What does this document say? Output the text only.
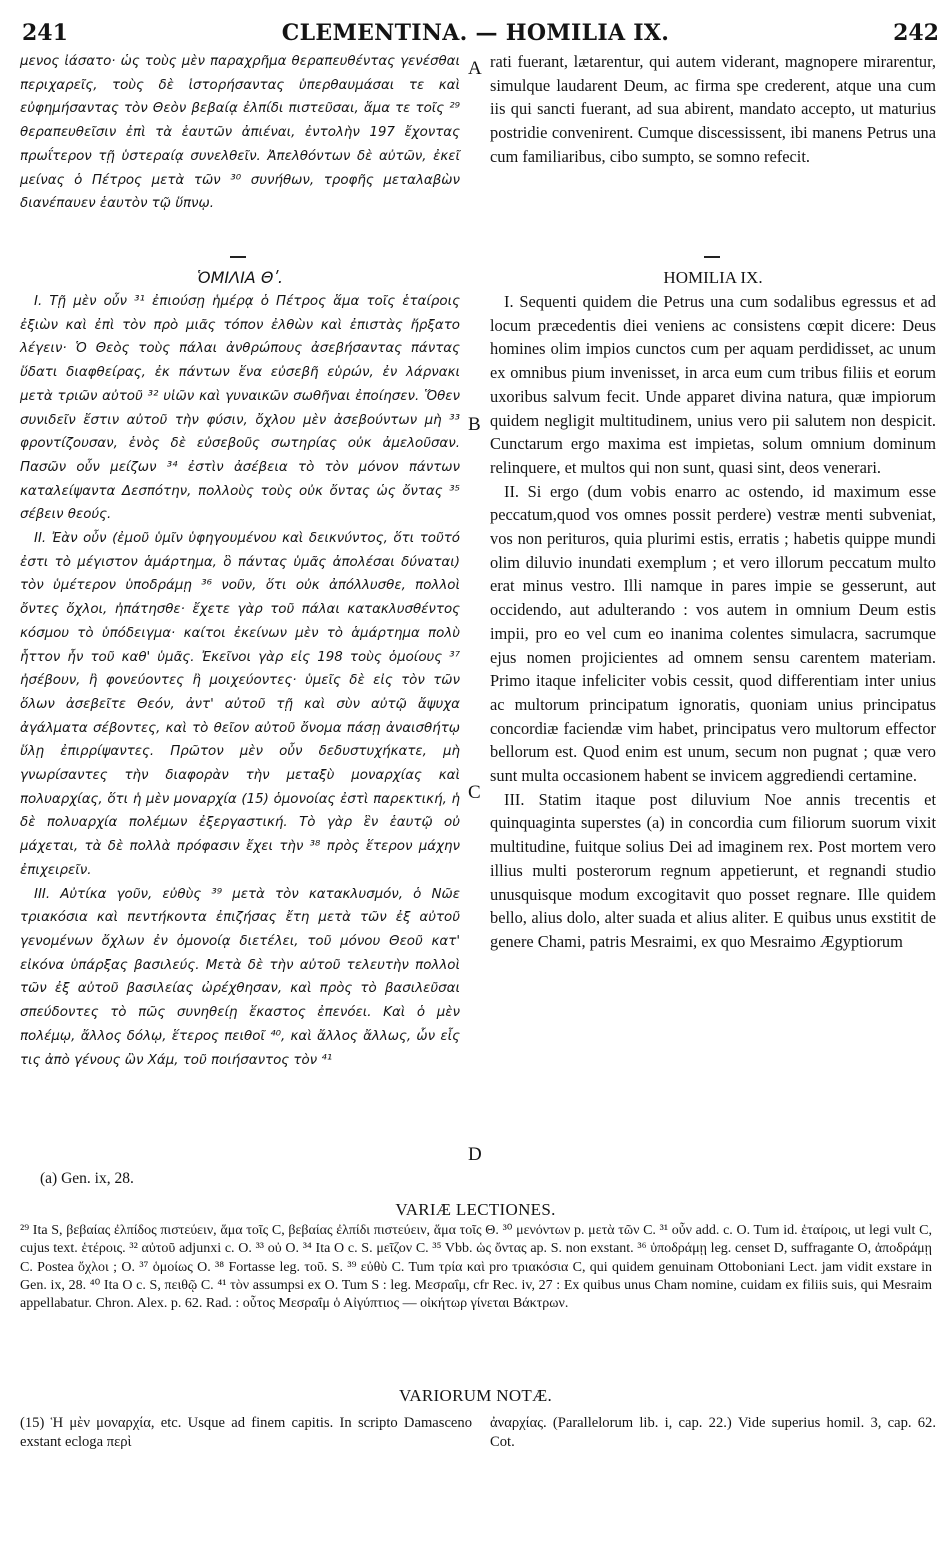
241	CLEMENTINA. — HOMILIA IX.	242

μενος ἰάσατο· ὡς τοὺς μὲν παραχρῆμα θεραπευθέντας γενέσθαι περιχαρεῖς, τοὺς δὲ ἱστορήσαντας ὑπερθαυμάσαι τε καὶ εὐφημήσαντας τὸν Θεὸν βεβαίᾳ ἐλπίδι πιστεῦσαι, ἅμα τε τοῖς ²⁹ θεραπευθεῖσιν ἐπὶ τὰ ἑαυτῶν ἀπιέναι, ἐντολὴν 197 ἔχοντας πρωΐτερον τῇ ὑστεραίᾳ συνελθεῖν. Ἀπελθόντων δὲ αὐτῶν, ἐκεῖ μείνας ὁ Πέτρος μετὰ τῶν ³⁰ συνήθων, τροφῆς μεταλαβὼν διανέπαυεν ἑαυτὸν τῷ ὕπνῳ.

rati fuerant, lætarentur, qui autem viderant, magnopere mirarentur, simulque laudarent Deum, ac firma spe crederent, atque una cum iis qui sancti fuerant, ad sua abirent, mandato accepto, ut maturius postridie convenirent. Cumque discessissent, ibi manens Petrus una cum familiaribus, cibo sumpto, se somno refecit.

ὉΜΙΛΙΑ Θʹ.	HOMILIA IX.

I. Τῇ μὲν οὖν ³¹ ἐπιούσῃ ἡμέρᾳ ὁ Πέτρος ἅμα τοῖς ἑταίροις ἐξιὼν καὶ ἐπὶ τὸν πρὸ μιᾶς τόπον ἐλθὼν καὶ ἐπιστὰς ἤρξατο λέγειν· Ὁ Θεὸς τοὺς πάλαι ἀνθρώπους ἀσεβήσαντας πάντας ὕδατι διαφθείρας, ἐκ πάντων ἕνα εὐσεβῆ εὑρών, ἐν λάρνακι μετὰ τριῶν αὐτοῦ ³² υἱῶν καὶ γυναικῶν σωθῆναι ἐποίησεν. Ὅθεν συνιδεῖν ἔστιν αὐτοῦ τὴν φύσιν, ὄχλου μὲν ἀσεβούντων μὴ ³³ φροντίζουσαν, ἑνὸς δὲ εὐσεβοῦς σωτηρίας οὐκ ἀμελοῦσαν. Πασῶν οὖν μείζων ³⁴ ἐστὶν ἀσέβεια τὸ τὸν μόνον πάντων καταλείψαντα Δεσπότην, πολλοὺς τοὺς οὐκ ὄντας ὡς ὄντας ³⁵ σέβειν θεούς.

II. Ἐὰν οὖν (ἐμοῦ ὑμῖν ὑφηγουμένου καὶ δεικνύντος, ὅτι τοῦτό ἐστι τὸ μέγιστον ἁμάρτημα, ὃ πάντας ὑμᾶς ἀπολέσαι δύναται) τὸν ὑμέτερον ὑποδράμῃ ³⁶ νοῦν, ὅτι οὐκ ἀπόλλυσθε, πολλοὶ ὄντες ὄχλοι, ἠπάτησθε· ἔχετε γὰρ τοῦ πάλαι κατακλυσθέντος κόσμου τὸ ὑπόδειγμα· καίτοι ἐκείνων μὲν τὸ ἁμάρτημα πολὺ ἧττον ἦν τοῦ καθ' ὑμᾶς. Ἐκεῖνοι γὰρ εἰς 198 τοὺς ὁμοίους ³⁷ ἠσέβουν, ἢ φονεύοντες ἢ μοιχεύοντες· ὑμεῖς δὲ εἰς τὸν τῶν ὅλων ἀσεβεῖτε Θεόν, ἀντ' αὐτοῦ τῇ καὶ σὺν αὐτῷ ἄψυχα ἀγάλματα σέβοντες, καὶ τὸ θεῖον αὐτοῦ ὄνομα πάσῃ ἀναισθήτῳ ὕλῃ ἐπιρρίψαντες. Πρῶτον μὲν οὖν δεδυστυχήκατε, μὴ γνωρίσαντες τὴν διαφορὰν τὴν μεταξὺ μοναρχίας καὶ πολυαρχίας, ὅτι ἡ μὲν μοναρχία (15) ὁμονοίας ἐστὶ παρεκτική, ἡ δὲ πολυαρχία πολέμων ἐξεργαστική. Τὸ γὰρ ἓν ἑαυτῷ οὐ μάχεται, τὰ δὲ πολλὰ πρόφασιν ἔχει τὴν ³⁸ πρὸς ἕτερον μάχην ἐπιχειρεῖν.

III. Αὐτίκα γοῦν, εὐθὺς ³⁹ μετὰ τὸν κατακλυσμόν, ὁ Νῶε τριακόσια καὶ πεντήκοντα ἐπιζήσας ἔτη μετὰ τῶν ἐξ αὐτοῦ γενομένων ὄχλων ἐν ὁμονοίᾳ διετέλει, τοῦ μόνου Θεοῦ κατ' εἰκόνα ὑπάρξας βασιλεύς. Μετὰ δὲ τὴν αὐτοῦ τελευτὴν πολλοὶ τῶν ἐξ αὐτοῦ βασιλείας ὠρέχθησαν, καὶ πρὸς τὸ βασιλεῦσαι σπεύδοντες τὸ πῶς συνηθείῃ ἕκαστος ἐπενόει. Καὶ ὁ μὲν πολέμῳ, ἄλλος δόλῳ, ἕτερος πειθοῖ ⁴⁰, καὶ ἄλλος ἄλλως, ὧν εἷς τις ἀπὸ γένους ὢν Χάμ, τοῦ ποιήσαντος τὸν ⁴¹

I. Sequenti quidem die Petrus una cum sodalibus egressus et ad locum præcedentis diei veniens ac consistens cœpit dicere: Deus homines olim impios cunctos cum per aquam perdidisset, ac unum ex omnibus pium invenisset, in arca eum cum tribus filiis et eorum uxoribus salvum fecit. Unde apparet divina natura, quæ impiorum quidem negligit multitudinem, unius vero pii salutem non despicit. Cunctarum ergo maxima est impietas, solum omnium dominum relinquere, et multos qui non sunt, quasi sint, deos venerari.

II. Si ergo (dum vobis enarro ac ostendo, id maximum esse peccatum,quod vos omnes possit perdere) vestræ menti subveniat, vos non perituros, quia plurimi estis, erratis ; habetis quippe mundi olim diluvio inundati exemplum ; et vero illorum peccatum multo erat minus vestro. Illi namque in pares impie se gesserunt, aut occidendo, aut adulterando : vos autem in omnium Deum estis impii, pro eo vel cum eo inanima colentes simulacra, sacrumque ejus nomen projicientes ad omnem sensu carentem materiam. Primo itaque infeliciter vobis cessit, quod differentiam inter unius ac multorum principatum ignoratis, quoniam unius principatus concordiæ faciendæ vim habet, principatus vero multorum effector bellorum est. Quod enim est unum, secum non pugnat ; quæ vero sunt multa occasionem habent se invicem aggrediendi certamine.

III. Statim itaque post diluvium Noe annis trecentis et quinquaginta superstes (a) in concordia cum filiorum suorum vixit multitudine, fuitque solius Dei ad imaginem rex. Post mortem vero illius multi posterorum regnum appetierunt, et regnandi studio unusquisque modum excogitavit quo posset regnare. Ille quidem bello, alius dolo, alter suada et alius aliter. E quibus unus exstitit de genere Chami, patris Mesraimi, ex quo Mesraimo Ægyptiorum

A
B
C
D
(a) Gen. ix, 28.
VARIÆ LECTIONES.
²⁹ Ita S, βεβαίας ἐλπίδος πιστεύειν, ἅμα τοῖς C, βεβαίας ἐλπίδι πιστεύειν, ἅμα τοῖς Θ. ³⁰ μενόντων p. μετὰ τῶν C. ³¹ οὖν add. c. O. Tum id. ἑταίροις, ut legi vult C, cujus text. ἑτέροις. ³² αὐτοῦ adjunxi c. O. ³³ οὐ O. ³⁴ Ita O c. S. μεῖζον C. ³⁵ Vbb. ὡς ὄντας ap. S. non exstant. ³⁶ ὑποδράμῃ leg. censet D, suffragante O, ἀποδράμῃ C. Postea ὄχλοι ; O. ³⁷ ὁμοίως O. ³⁸ Fortasse leg. τοῦ. S. ³⁹ εὐθὺ C. Tum τρία καὶ pro τριακόσια C, qui quidem genuinam Ottoboniani Lect. jam vidit exstare in Gen. ix, 28. ⁴⁰ Ita O c. S, πειθῷ C. ⁴¹ τὸν assumpsi ex O. Tum S : leg. Μεσραΐμ, cfr Rec. iv, 27 : Ex quibus unus Cham nomine, cuidam ex filiis suis, qui Mesraim appellabatur. Chron. Alex. p. 62. Rad. : οὗτος Μεσραΐμ ὁ Αἰγύπτιος — οἰκήτωρ γίνεται Βάκτρων.
VARIORUM NOTÆ.
(15) Ἡ μὲν μοναρχία, etc. Usque ad finem capitis. In scripto Damasceno exstant ecloga περὶ
ἀναρχίας. (Parallelorum lib. i, cap. 22.) Vide superius homil. 3, cap. 62. Cot.
